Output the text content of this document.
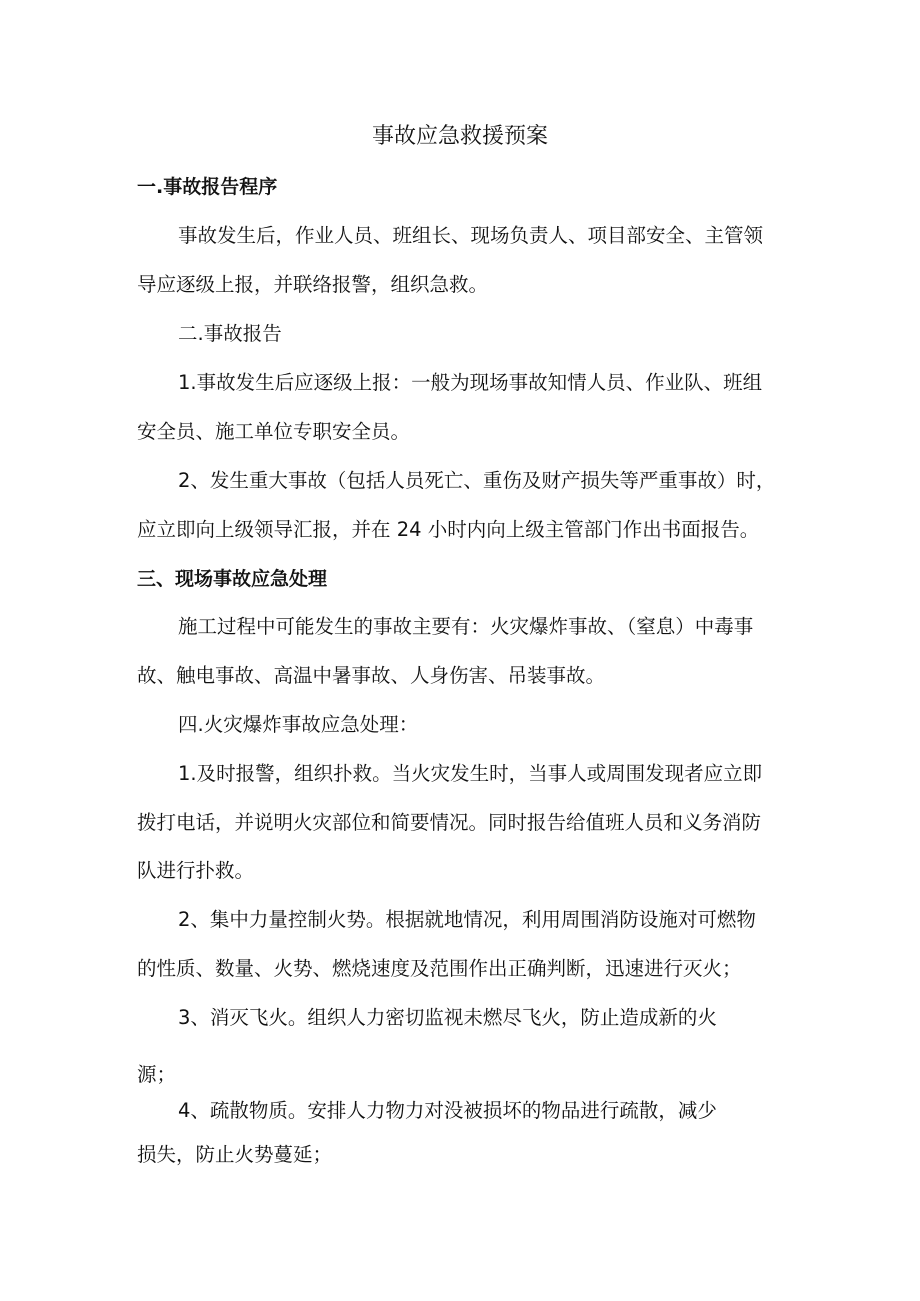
事故应急救援预案
一.事故报告程序
事故发生后，作业人员、班组长、现场负责人、项目部安全、主管领
导应逐级上报，并联络报警，组织急救。
二.事故报告
1.事故发生后应逐级上报：一般为现场事故知情人员、作业队、班组
安全员、施工单位专职安全员。
2、发生重大事故（包括人员死亡、重伤及财产损失等严重事故）时，
应立即向上级领导汇报，并在 24 小时内向上级主管部门作出书面报告。
三、现场事故应急处理
施工过程中可能发生的事故主要有：火灾爆炸事故、（窒息）中毒事
故、触电事故、高温中暑事故、人身伤害、吊装事故。
四.火灾爆炸事故应急处理：
1.及时报警，组织扑救。当火灾发生时，当事人或周围发现者应立即
拨打电话，并说明火灾部位和简要情况。同时报告给值班人员和义务消防
队进行扑救。
2、集中力量控制火势。根据就地情况，利用周围消防设施对可燃物
的性质、数量、火势、燃烧速度及范围作出正确判断，迅速进行灭火；
3、消灭飞火。组织人力密切监视未燃尽飞火，防止造成新的火
源；
4、疏散物质。安排人力物力对没被损坏的物品进行疏散，减少
损失，防止火势蔓延；
